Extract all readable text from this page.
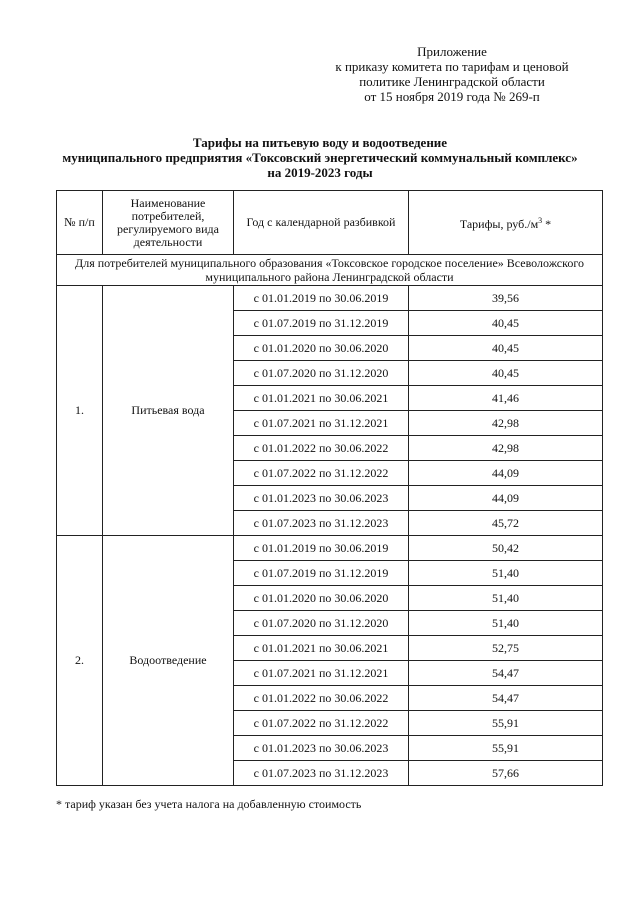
Приложение
к приказу комитета по тарифам и ценовой
политике Ленинградской области
от 15 ноября 2019 года № 269-п
Тарифы на питьевую воду и водоотведение
муниципального предприятия «Токсовский энергетический коммунальный комплекс»
на 2019-2023 годы
№ п/п	Наименование потребителей, регулируемого вида деятельности	Год с календарной разбивкой	Тарифы, $руб./м^3$ *
Для потребителей муниципального образования «Токсовское городское поселение» Всеволожского муниципального района Ленинградской области			
1.	Питьевая вода	с 01.01.2019 по 30.06.2019	39,56
		с 01.07.2019 по 31.12.2019	40,45
		с 01.01.2020 по 30.06.2020	40,45
		с 01.07.2020 по 31.12.2020	40,45
		с 01.01.2021 по 30.06.2021	41,46
		с 01.07.2021 по 31.12.2021	42,98
		с 01.01.2022 по 30.06.2022	42,98
		с 01.07.2022 по 31.12.2022	44,09
		с 01.01.2023 по 30.06.2023	44,09
		с 01.07.2023 по 31.12.2023	45,72
2.	Водоотведение	с 01.01.2019 по 30.06.2019	50,42
		с 01.07.2019 по 31.12.2019	51,40
		с 01.01.2020 по 30.06.2020	51,40
		с 01.07.2020 по 31.12.2020	51,40
		с 01.01.2021 по 30.06.2021	52,75
		с 01.07.2021 по 31.12.2021	54,47
		с 01.01.2022 по 30.06.2022	54,47
		с 01.07.2022 по 31.12.2022	55,91
		с 01.01.2023 по 30.06.2023	55,91
		с 01.07.2023 по 31.12.2023	57,66
* тариф указан без учета налога на добавленную стоимость
